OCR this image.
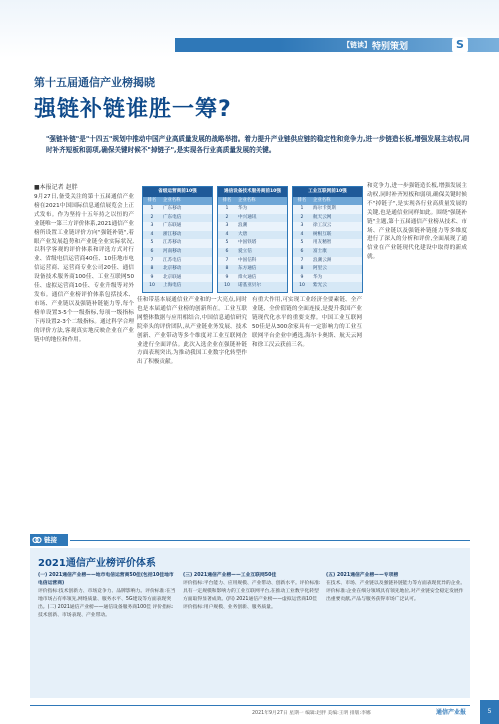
【链读】 特别策划	S
第十五届通信产业榜揭晓
强链补链谁胜一筹?
"强链补链"是"十四五"规划中推动中国产业高质量发展的战略举措。着力提升产业链供应链的稳定性和竞争力,进一步链造长板,增强发展主动权,同时补齐短板和弱项,确保关键时候不"掉链子",是实现各行业高质量发展的关键。
■本报记者 赵胖
9月27日,备受关注的第十五届通信产业榜在2021中国国际信息通信展览会上正式发布。作为坚持十五年持之以恒的产业链唯一第三方评价体系,2021通信产业榜所设置工业链评价方向"强链补链",着眼产业发展趋势和产业链全业实际状况,以科学客观的评价体系和评选方式对行业、省级电信运营商40佳、10佳地市电信运营商、运营商专业公司20佳、通信设备技术服务商100佳、工业互联网50佳、虚拟运营商10佳、专业升级等对外发布。通信产业榜评价体系包括技术、市场、产业链以及强链补链能力等,每个榜单设置3-5个一级指标,每项一级指标下再设置2-3个二级指标。通过科学合理的评价方法,客观真实地反映企业在产业链中的地位和作用。
佳和带基本展通信业产业和的一大亮点,同时也是本届通信产业榜的创新所在。工业互联网整体数据与应用相结合,中国信息通信研究院牵头的评价团队,从产业链业务发展、技术创新、产业带动等多个维度对工业互联网企业进行全面评估。此次入选企业在强链补链方面表现突出,为推动我国工业数字化转型作出了积极贡献。
有重大作用,可实现工业经济全要素链、全产业链、全价值链的全面连接,是提升我国产业链现代化水平的重要支撑。中国工业互联网50佳是从300余家具有一定影响力的工业互联网平台企业中遴选,海尔卡奥斯、航天云网和徐工汉云获前三名。
和竞争力,进一步强链造长板,增强发展主动权,同时补齐短板和弱项,确保关键时候不"掉链子",是实现各行业高质量发展的关键,也是通信业同样如此。围绕"强链补链"主题,第十五届通信产业榜从技术、市场、产业链以及强链补链能力等多维度进行了深入的分析和评价,全面展现了通信业在产业链现代化建设中取得的新成就。
省级运营商前10强
排名	企业名称
1	广东移动
2	广东电信
3	广东联通
4	浙江移动
5	江苏移动
6	河南移动
7	江苏电信
8	北京移动
9	北京联通
10	上海电信
通信设备技术服务商前10强
排名	企业名称
1	华为
2	中兴通讯
3	浪潮
4	大唐
5	中国铁塔
6	爱立信
7	中国信科
8	东方通信
9	烽火通信
10	诺基亚贝尔
工业互联网前10强
排名	企业名称
1	海尔卡奥斯
2	航天云网
3	徐工汉云
4	树根互联
5	用友精智
6	富士康
7	浪潮云洲
8	阿里云
9	华为
10	紫光云
链接
2021通信产业榜评价体系
(一) 2021通信产业榜——地市电信运营商50佳(包括10佳地市电信运营商)
评价指标:技术创新力、市场竞争力、品牌影响力。评价标准:在当地市场占有率领先,网络质量、服务水平、5G建设等方面表现突出。(二) 2021通信产业榜——通信设备服务商100佳 评价指标:技术创新、市场表现、产业带动。
(三) 2021通信产业榜——工业互联网50佳
评价指标:平台能力、应用规模、产业带动、创新水平。评价标准:具有一定规模和影响力的工业互联网平台,在推动工业数字化转型方面取得显著成效。(四) 2021通信产业榜——虚拟运营商10佳 评价指标:用户规模、业务创新、服务质量。
(五) 2021通信产业榜——专项榜
在技术、市场、产业链以及强链补链能力等方面表现优异的企业。评价标准:企业在细分领域具有领先地位,对产业链安全稳定发展作出重要贡献,产品与服务获得市场广泛认可。
2021年9月27日 星期一 编辑:赵胖 美编:王明 排版:李娜	通信产业报	5
